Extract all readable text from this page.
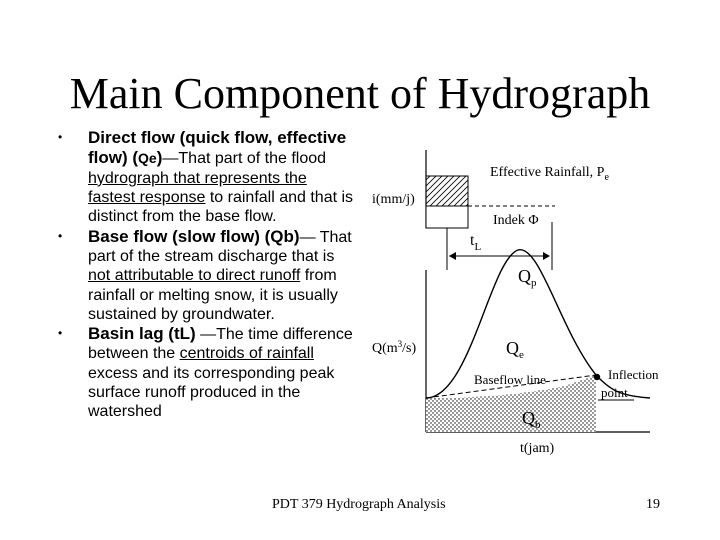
Main Component of Hydrograph
• Direct flow (quick flow, effective flow) (Qe)—That part of the flood hydrograph that represents the fastest response to rainfall and that is distinct from the base flow.
• Base flow (slow flow) (Qb)— That part of the stream discharge that is not attributable to direct runoff from rainfall or melting snow, it is usually sustained by groundwater.
• Basin lag (tL) —The time difference between the centroids of rainfall excess and its corresponding peak surface runoff produced in the watershed
Effective Rainfall, $P_e$
i(mm/j)
Indek Φ
$t_L$
$Q(m^3/s)$
$Q_p$
$Q_e$
Baseflow line
$Q_b$
Inflection
point
t(jam)
PDT 379 Hydrograph Analysis	19
